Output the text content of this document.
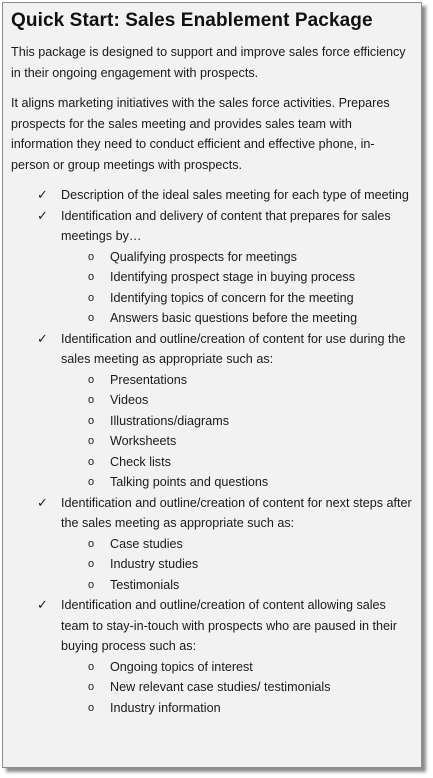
Quick Start: Sales Enablement Package

This package is designed to support and improve sales force efficiency in their ongoing engagement with prospects.

It aligns marketing initiatives with the sales force activities. Prepares prospects for the sales meeting and provides sales team with information they need to conduct efficient and effective phone, in-person or group meetings with prospects.

✓ Description of the ideal sales meeting for each type of meeting
✓ Identification and delivery of content that prepares for sales meetings by…
o Qualifying prospects for meetings
o Identifying prospect stage in buying process
o Identifying topics of concern for the meeting
o Answers basic questions before the meeting
✓ Identification and outline/creation of content for use during the sales meeting as appropriate such as:
o Presentations
o Videos
o Illustrations/diagrams
o Worksheets
o Check lists
o Talking points and questions
✓ Identification and outline/creation of content for next steps after the sales meeting as appropriate such as:
o Case studies
o Industry studies
o Testimonials
✓ Identification and outline/creation of content allowing sales team to stay-in-touch with prospects who are paused in their buying process such as:
o Ongoing topics of interest
o New relevant case studies/ testimonials
o Industry information
